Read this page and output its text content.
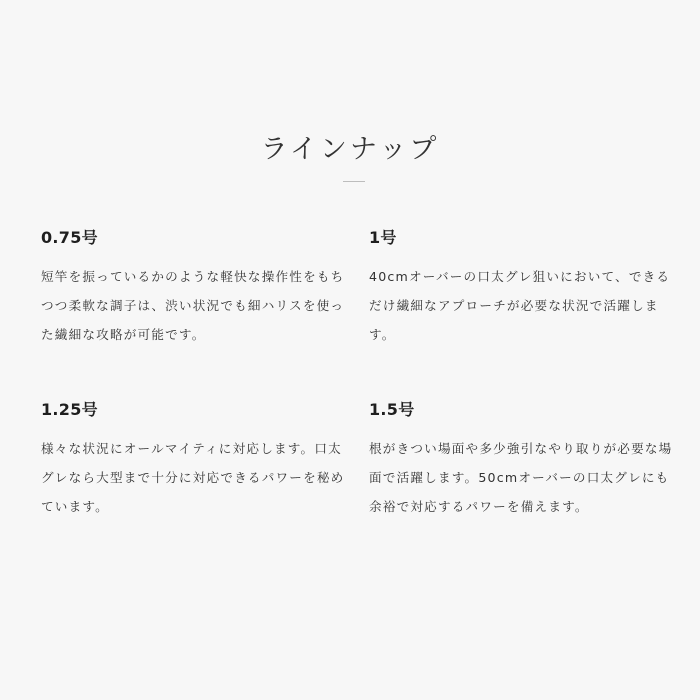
ラインナップ
0.75号

短竿を振っているかのような軽快な操作性をもちつつ柔軟な調子は、渋い状況でも細ハリスを使った繊細な攻略が可能です。

1号

40cmオーバーの口太グレ狙いにおいて、できるだけ繊細なアプローチが必要な状況で活躍します。

1.25号

様々な状況にオールマイティに対応します。口太グレなら大型まで十分に対応できるパワーを秘めています。

1.5号

根がきつい場面や多少強引なやり取りが必要な場面で活躍します。50cmオーバーの口太グレにも余裕で対応するパワーを備えます。
